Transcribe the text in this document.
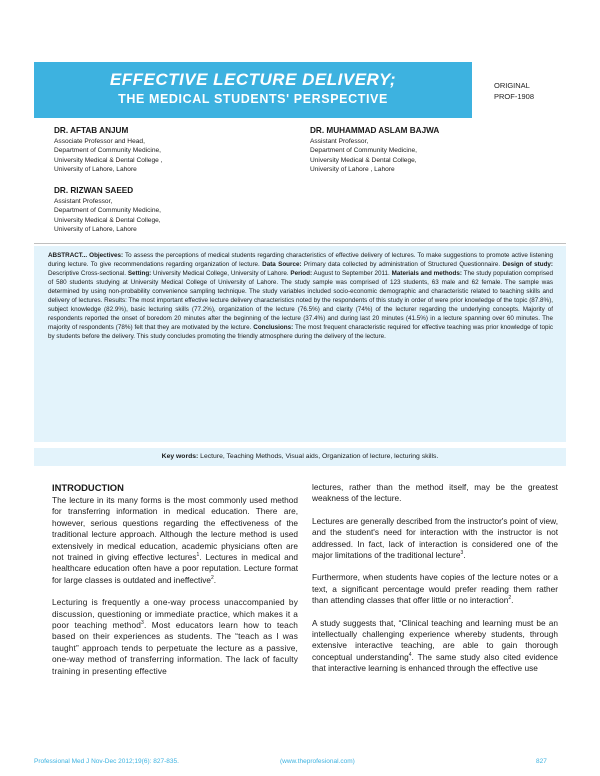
EFFECTIVE LECTURE DELIVERY;
THE MEDICAL STUDENTS' PERSPECTIVE
ORIGINAL
PROF-1908
DR. AFTAB ANJUM
Associate Professor and Head,
Department of Community Medicine,
University Medical & Dental College ,
University of Lahore, Lahore
DR. MUHAMMAD ASLAM BAJWA
Assistant Professor,
Department of Community Medicine,
University Medical & Dental College,
University of Lahore , Lahore
DR. RIZWAN SAEED
Assistant Professor,
Department of Community Medicine,
University Medical & Dental College,
University of Lahore, Lahore

ABSTRACT... Objectives: To assess the perceptions of medical students regarding characteristics of effective delivery of lectures. To make suggestions to promote active listening during lecture. To give recommendations regarding organization of lecture. Data Source: Primary data collected by administration of Structured Questionnaire. Design of study: Descriptive Cross-sectional. Setting: University Medical College, University of Lahore. Period: August to September 2011. Materials and methods: The study population comprised of 580 students studying at University Medical College of University of Lahore. The study sample was comprised of 123 students, 63 male and 62 female. The sample was determined by using non-probability convenience sampling technique. The study variables included socio-economic demographic and characteristic related to teaching skills and delivery of lectures. Results: The most important effective lecture delivery characteristics noted by the respondents of this study in order of were prior knowledge of the topic (87.8%), subject knowledge (82.9%), basic lecturing skills (77.2%), organization of the lecture (76.5%) and clarity (74%) of the lecturer regarding the underlying concepts. Majority of respondents reported the onset of boredom 20 minutes after the beginning of the lecture (37.4%) and during last 20 minutes (41.5%) in a lecture spanning over 60 minutes. The majority of respondents (78%) felt that they are motivated by the lecture. Conclusions: The most frequent characteristic required for effective teaching was prior knowledge of topic by students before the delivery. This study concludes promoting the friendly atmosphere during the delivery of the lecture.

Key words: Lecture, Teaching Methods, Visual aids, Organization of lecture, lecturing skills.

INTRODUCTION

The lecture in its many forms is the most commonly used method for transferring information in medical education. There are, however, serious questions regarding the effectiveness of the traditional lecture approach. Although the lecture method is used extensively in medical education, academic physicians often are not trained in giving effective lectures$^1$. Lectures in medical and healthcare education often have a poor reputation. Lecture format for large classes is outdated and ineffective$^2$.

Lecturing is frequently a one-way process unaccompanied by discussion, questioning or immediate practice, which makes it a poor teaching method$^3$. Most educators learn how to teach based on their experiences as students. The “teach as I was taught” approach tends to perpetuate the lecture as a passive, one-way method of transferring information. The lack of faculty training in presenting effective

lectures, rather than the method itself, may be the greatest weakness of the lecture.

Lectures are generally described from the instructor's point of view, and the student's need for interaction with the instructor is not addressed. In fact, lack of interaction is considered one of the major limitations of the traditional lecture$^3$.

Furthermore, when students have copies of the lecture notes or a text, a significant percentage would prefer reading them rather than attending classes that offer little or no interaction$^2$.

A study suggests that, “Clinical teaching and learning must be an intellectually challenging experience whereby students, through extensive interactive teaching, are able to gain thorough conceptual understanding$^4$. The same study also cited evidence that interactive learning is enhanced through the effective use

Professional Med J Nov-Dec 2012;19(6): 827-835.	(www.theprofesional.com)	827
